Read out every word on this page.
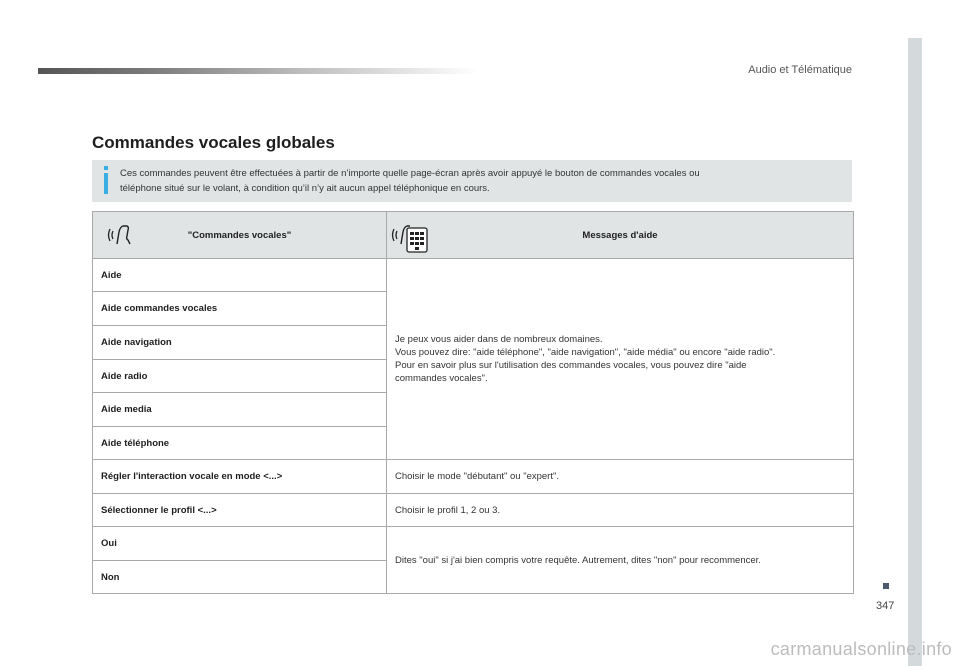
Audio et Télématique
Commandes vocales globales
Ces commandes peuvent être effectuées à partir de n’importe quelle page-écran après avoir appuyé le bouton de commandes vocales ou
téléphone situé sur le volant, à condition qu’il n’y ait aucun appel téléphonique en cours.
"Commandes vocales"	Messages d'aide
Aide	Je peux vous aider dans de nombreux domaines.
Vous pouvez dire: "aide téléphone", "aide navigation", "aide média" ou encore "aide radio".
Pour en savoir plus sur l'utilisation des commandes vocales, vous pouvez dire "aide
commandes vocales".

Aide commandes vocales	
Aide navigation	
Aide radio	
Aide media	
Aide téléphone	
Régler l'interaction vocale en mode <...>	Choisir le mode "débutant" ou "expert".
Sélectionner le profil <...>	Choisir le profil 1, 2 ou 3.
Oui	Dites "oui" si j'ai bien compris votre requête. Autrement, dites "non" pour recommencer.
Non	
347
carmanualsonline.info
